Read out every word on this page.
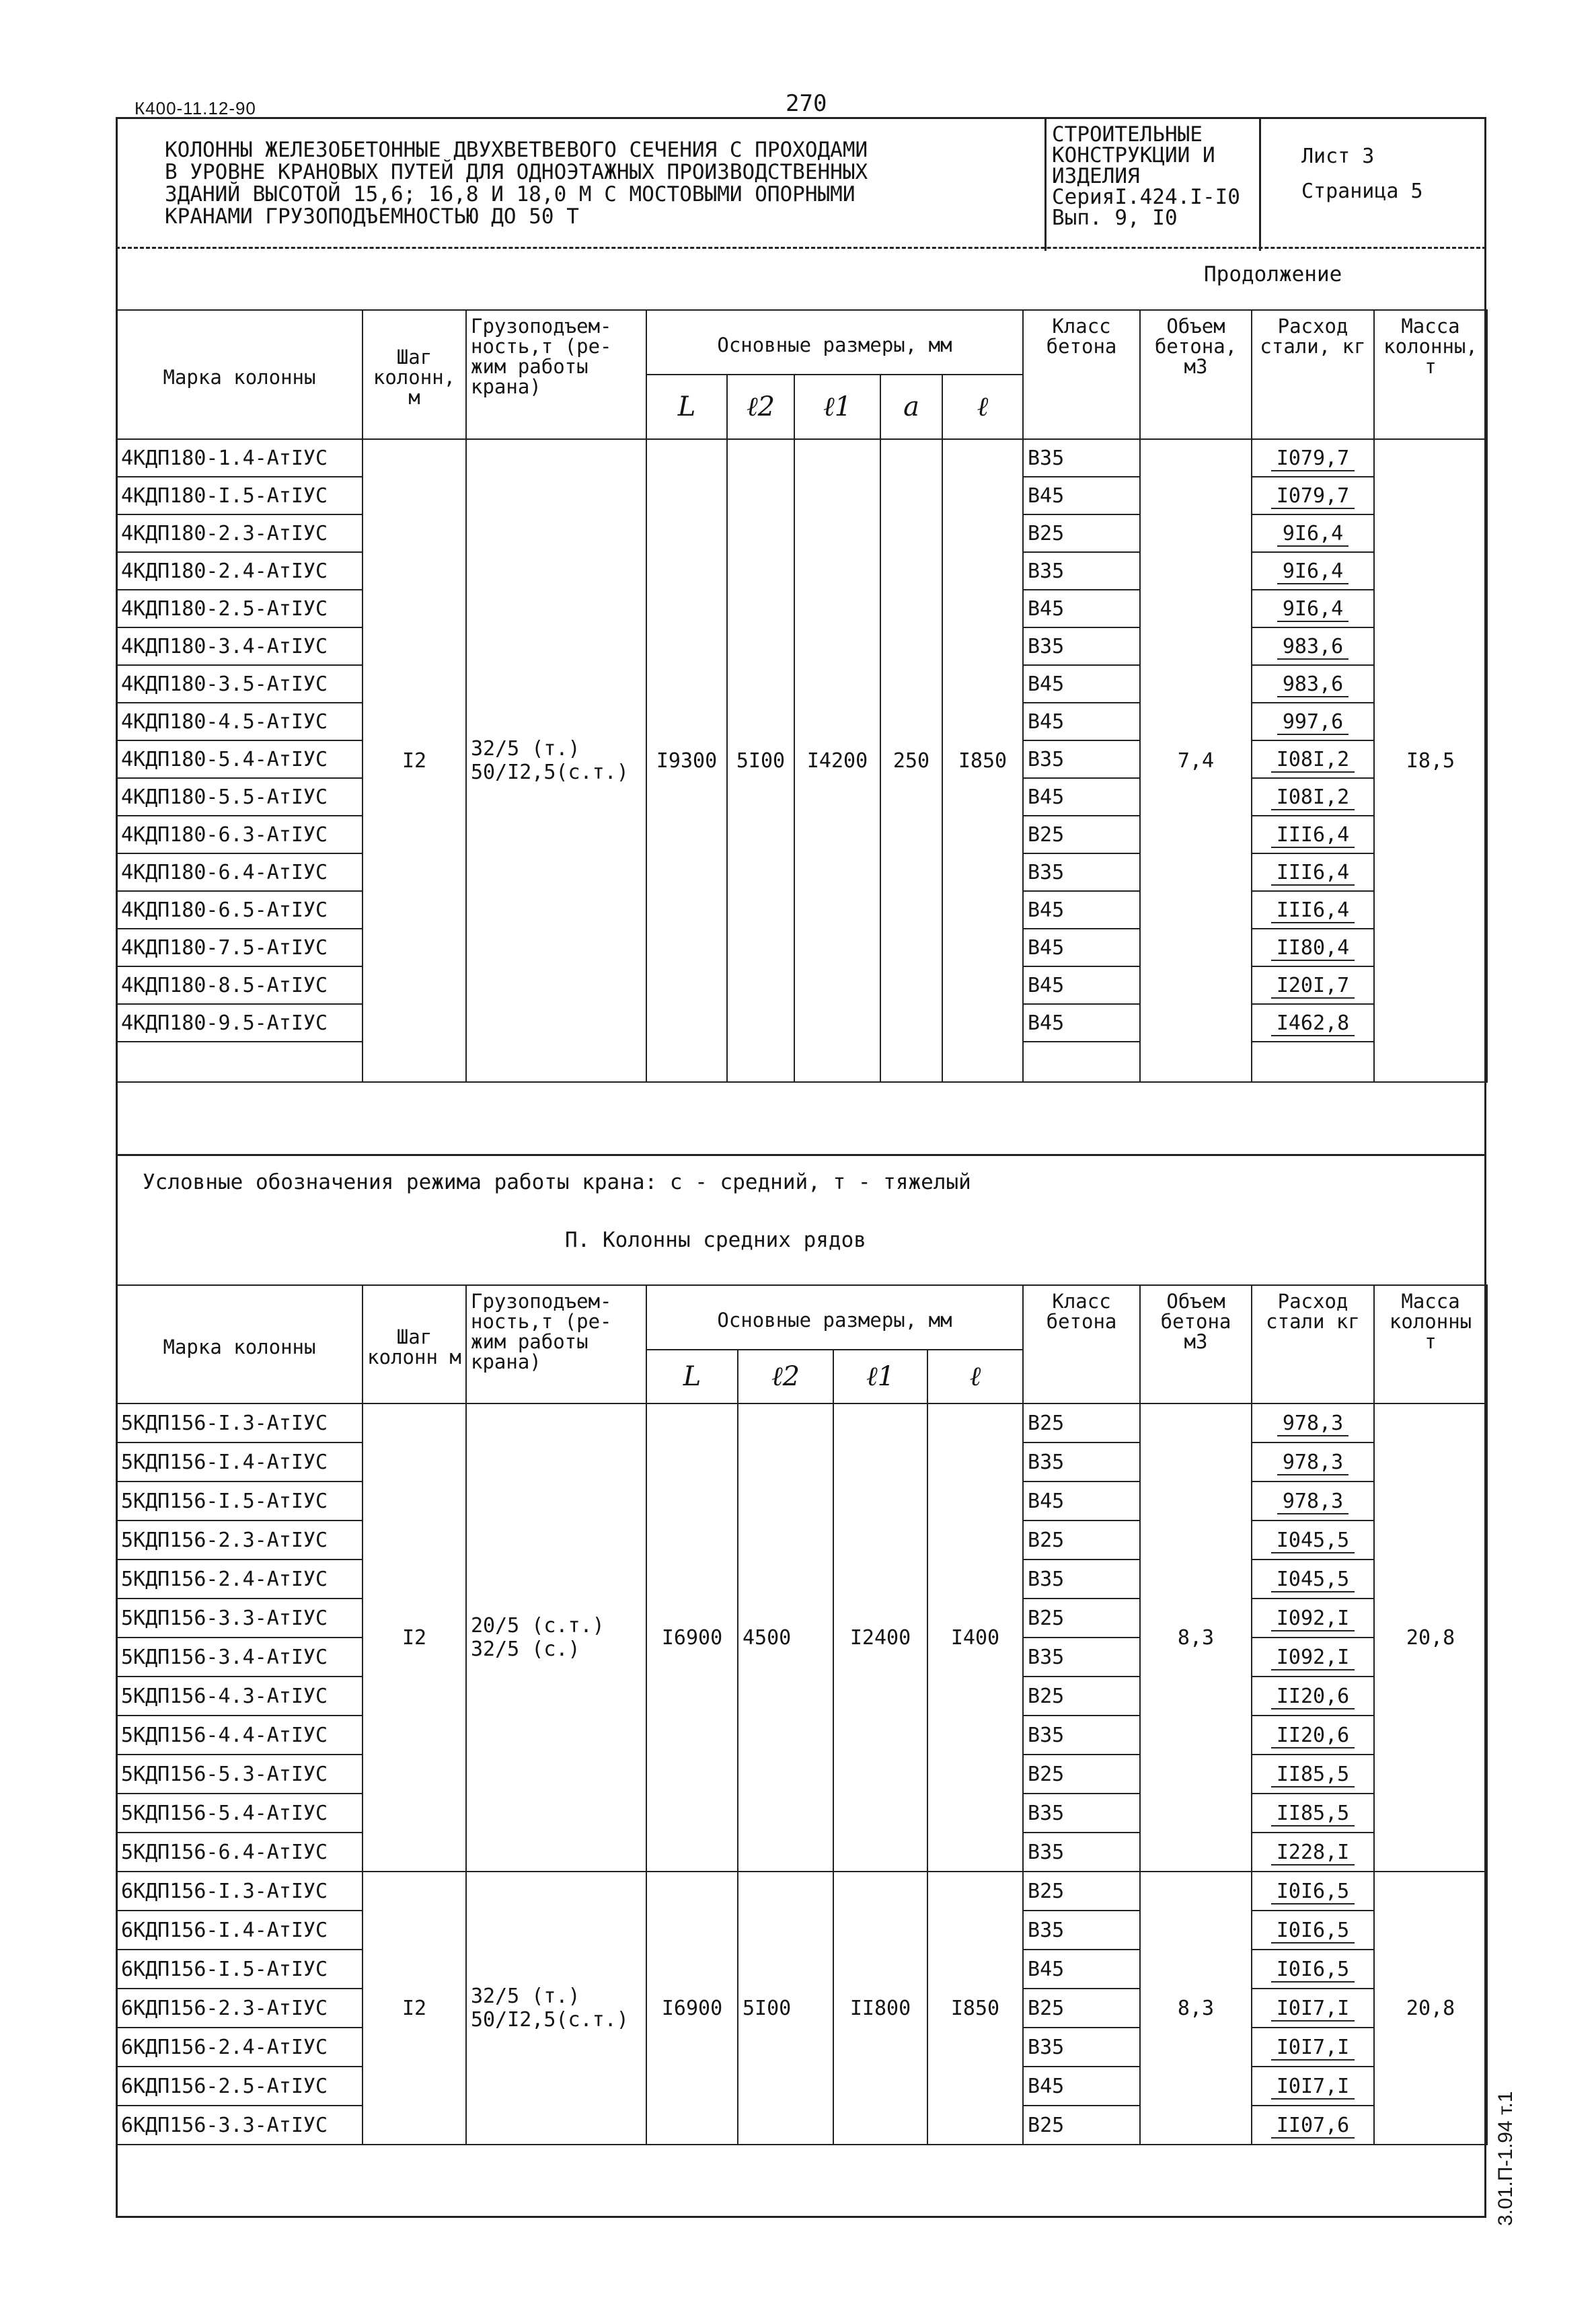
К400-11.12-90	270
КОЛОННЫ ЖЕЛЕЗОБЕТОННЫЕ ДВУХВЕТВЕВОГО СЕЧЕНИЯ С ПРОХОДАМИ
В УРОВНЕ КРАНОВЫХ ПУТЕЙ ДЛЯ ОДНОЭТАЖНЫХ ПРОИЗВОДСТВЕННЫХ
ЗДАНИЙ ВЫСОТОЙ 15,6; 16,8 И 18,0 М С МОСТОВЫМИ ОПОРНЫМИ
КРАНАМИ ГРУЗОПОДЪЕМНОСТЬЮ ДО 50 Т
СТРОИТЕЛЬНЫЕ
КОНСТРУКЦИИ И
ИЗДЕЛИЯ
СерияI.424.I-I0
Вып. 9, I0
Лист 3
Страница 5
Продолжение
Марка колонны	Шаг колонн, м	Грузоподъем-ность,т (ре-жим работы крана)	Основные размеры, мм					Класс бетона	Объем бетона, м3	Расход стали, кг	Масса колонны, т
			L	ℓ2	ℓ1	a	ℓ				
4КДП180-1.4-АтIУС	I2	32/5 (т.) 50/I2,5(с.т.)	I9300	5I00	I4200	250	I850	B35	7,4	I079,7	I8,5
4КДП180-I.5-АтIУС								B45		I079,7	
4КДП180-2.3-АтIУС								B25		9I6,4	
4КДП180-2.4-АтIУС								B35		9I6,4	
4КДП180-2.5-АтIУС								B45		9I6,4	
4КДП180-3.4-АтIУС								B35		983,6	
4КДП180-3.5-АтIУС								B45		983,6	
4КДП180-4.5-АтIУС								B45		997,6	
4КДП180-5.4-АтIУС								B35		I08I,2	
4КДП180-5.5-АтIУС								B45		I08I,2	
4КДП180-6.3-АтIУС								B25		III6,4	
4КДП180-6.4-АтIУС								B35		III6,4	
4КДП180-6.5-АтIУС								B45		III6,4	
4КДП180-7.5-АтIУС								B45		II80,4	
4КДП180-8.5-АтIУС								B45		I20I,7	
4КДП180-9.5-АтIУС								B45		I462,8	

Условные обозначения режима работы крана: с - средний, т - тяжелый
П. Колонны средних рядов
Марка колонны	Шаг колонн м	Грузоподъем-ность,т (ре-жим работы крана)	Основные размеры, мм				Класс бетона	Объем бетона м3	Расход стали кг	Масса колонны т
			L	ℓ2	ℓ1	ℓ				
5КДП156-I.3-АтIУС	I2	20/5 (с.т.) 32/5 (с.)	I6900	4500	I2400	I400	B25	8,3	978,3	20,8
5КДП156-I.4-АтIУС							B35		978,3	
5КДП156-I.5-АтIУС							B45		978,3	
5КДП156-2.3-АтIУС							B25		I045,5	
5КДП156-2.4-АтIУС							B35		I045,5	
5КДП156-3.3-АтIУС							B25		I092,I	
5КДП156-3.4-АтIУС							B35		I092,I	
5КДП156-4.3-АтIУС							B25		II20,6	
5КДП156-4.4-АтIУС							B35		II20,6	
5КДП156-5.3-АтIУС							B25		II85,5	
5КДП156-5.4-АтIУС							B35		II85,5	
5КДП156-6.4-АтIУС							B35		I228,I	
6КДП156-I.3-АтIУС	I2	32/5 (т.) 50/I2,5(с.т.)	I6900	5I00	II800	I850	B25	8,3	I0I6,5	20,8
6КДП156-I.4-АтIУС							B35		I0I6,5	
6КДП156-I.5-АтIУС							B45		I0I6,5	
6КДП156-2.3-АтIУС							B25		I0I7,I	
6КДП156-2.4-АтIУС							B35		I0I7,I	
6КДП156-2.5-АтIУС							B45		I0I7,I	
6КДП156-3.3-АтIУС							B25		II07,6		3.01.П-1.94 т.1
